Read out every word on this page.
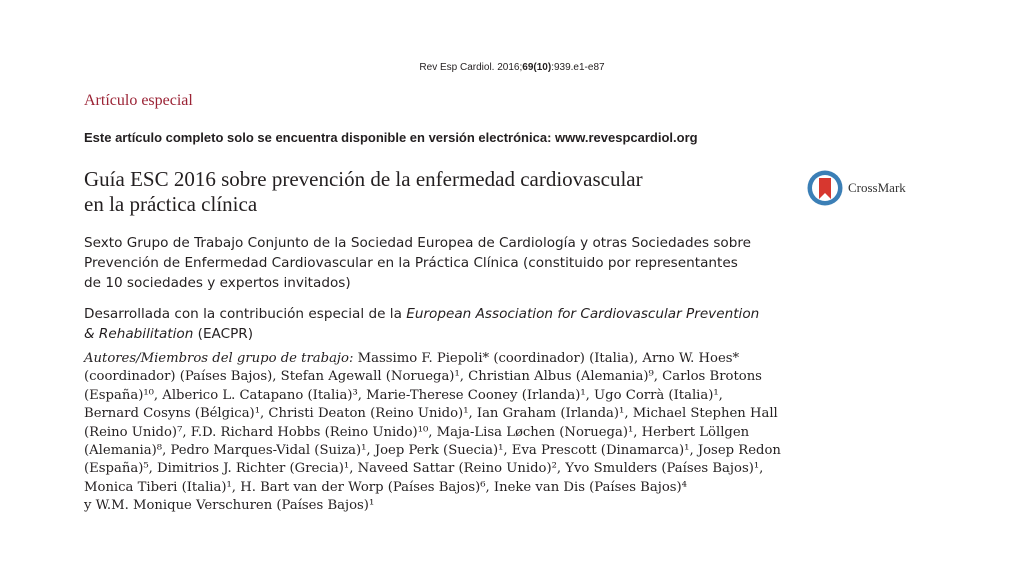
Rev Esp Cardiol. 2016;69(10):939.e1-e87
Artículo especial
Este artículo completo solo se encuentra disponible en versión electrónica: www.revespcardiol.org
Guía ESC 2016 sobre prevención de la enfermedad cardiovascular
en la práctica clínica
CrossMark
Sexto Grupo de Trabajo Conjunto de la Sociedad Europea de Cardiología y otras Sociedades sobre
Prevención de Enfermedad Cardiovascular en la Práctica Clínica (constituido por representantes
de 10 sociedades y expertos invitados)
Desarrollada con la contribución especial de la European Association for Cardiovascular Prevention
& Rehabilitation (EACPR)
Autores/Miembros del grupo de trabajo: Massimo F. Piepoli* (coordinador) (Italia), Arno W. Hoes*
(coordinador) (Países Bajos), Stefan Agewall (Noruega)¹, Christian Albus (Alemania)⁹, Carlos Brotons
(España)¹⁰, Alberico L. Catapano (Italia)³, Marie-Therese Cooney (Irlanda)¹, Ugo Corrà (Italia)¹,
Bernard Cosyns (Bélgica)¹, Christi Deaton (Reino Unido)¹, Ian Graham (Irlanda)¹, Michael Stephen Hall
(Reino Unido)⁷, F.D. Richard Hobbs (Reino Unido)¹⁰, Maja-Lisa Løchen (Noruega)¹, Herbert Löllgen
(Alemania)⁸, Pedro Marques-Vidal (Suiza)¹, Joep Perk (Suecia)¹, Eva Prescott (Dinamarca)¹, Josep Redon
(España)⁵, Dimitrios J. Richter (Grecia)¹, Naveed Sattar (Reino Unido)², Yvo Smulders (Países Bajos)¹,
Monica Tiberi (Italia)¹, H. Bart van der Worp (Países Bajos)⁶, Ineke van Dis (Países Bajos)⁴
y W.M. Monique Verschuren (Países Bajos)¹
